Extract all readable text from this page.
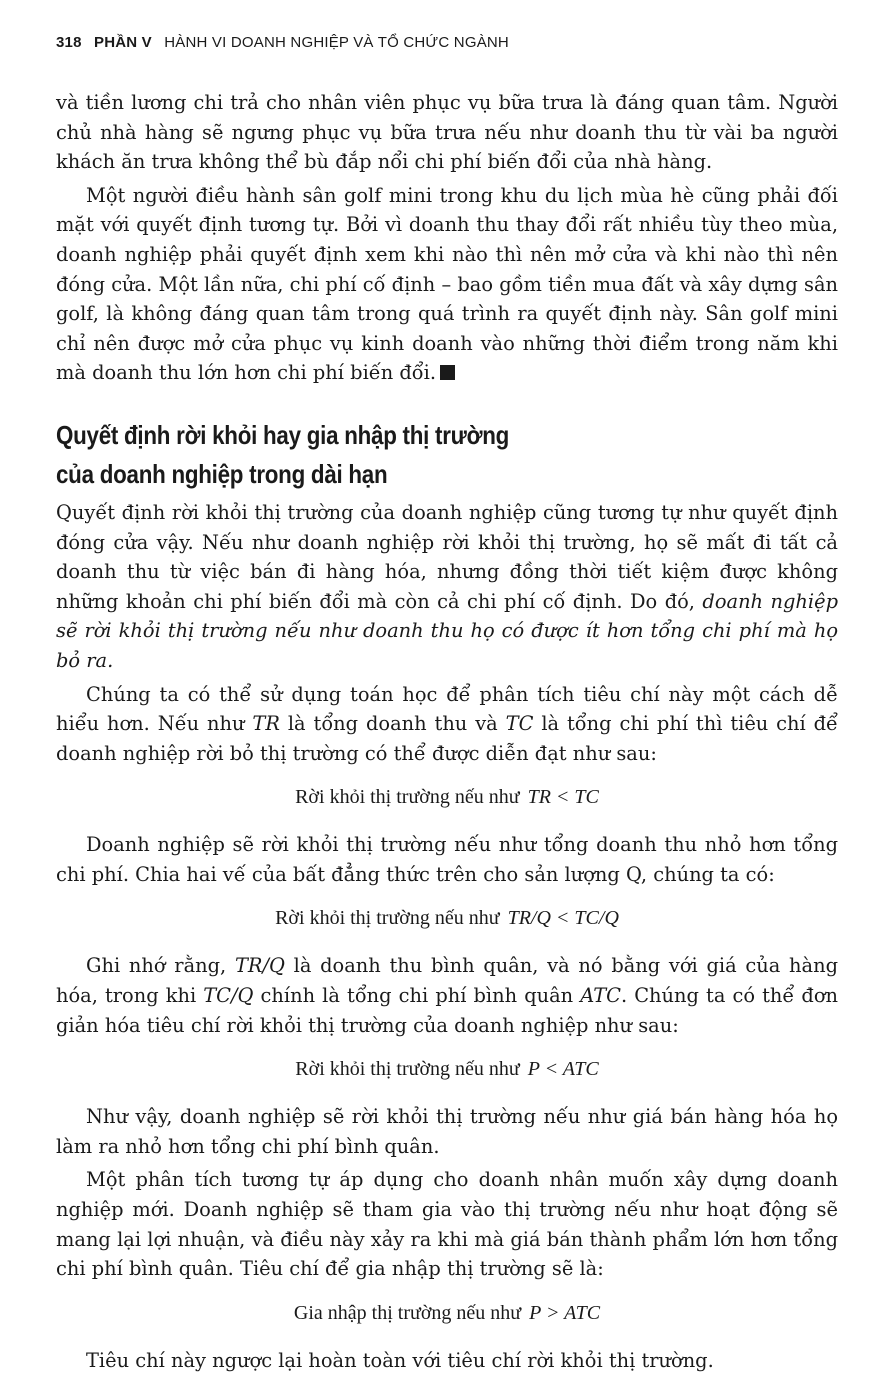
318 PHẦN V HÀNH VI DOANH NGHIỆP VÀ TỔ CHỨC NGÀNH

và tiền lương chi trả cho nhân viên phục vụ bữa trưa là đáng quan tâm. Người chủ nhà hàng sẽ ngưng phục vụ bữa trưa nếu như doanh thu từ vài ba người khách ăn trưa không thể bù đắp nổi chi phí biến đổi của nhà hàng.

Một người điều hành sân golf mini trong khu du lịch mùa hè cũng phải đối mặt với quyết định tương tự. Bởi vì doanh thu thay đổi rất nhiều tùy theo mùa, doanh nghiệp phải quyết định xem khi nào thì nên mở cửa và khi nào thì nên đóng cửa. Một lần nữa, chi phí cố định – bao gồm tiền mua đất và xây dựng sân golf, là không đáng quan tâm trong quá trình ra quyết định này. Sân golf mini chỉ nên được mở cửa phục vụ kinh doanh vào những thời điểm trong năm khi mà doanh thu lớn hơn chi phí biến đổi.

Quyết định rời khỏi hay gia nhập thị trường
của doanh nghiệp trong dài hạn

Quyết định rời khỏi thị trường của doanh nghiệp cũng tương tự như quyết định đóng cửa vậy. Nếu như doanh nghiệp rời khỏi thị trường, họ sẽ mất đi tất cả doanh thu từ việc bán đi hàng hóa, nhưng đồng thời tiết kiệm được không những khoản chi phí biến đổi mà còn cả chi phí cố định. Do đó, doanh nghiệp sẽ rời khỏi thị trường nếu như doanh thu họ có được ít hơn tổng chi phí mà họ bỏ ra.

Chúng ta có thể sử dụng toán học để phân tích tiêu chí này một cách dễ hiểu hơn. Nếu như TR là tổng doanh thu và TC là tổng chi phí thì tiêu chí để doanh nghiệp rời bỏ thị trường có thể được diễn đạt như sau:

Rời khỏi thị trường nếu như TR < TC

Doanh nghiệp sẽ rời khỏi thị trường nếu như tổng doanh thu nhỏ hơn tổng chi phí. Chia hai vế của bất đẳng thức trên cho sản lượng Q, chúng ta có:

Rời khỏi thị trường nếu như TR/Q < TC/Q

Ghi nhớ rằng, TR/Q là doanh thu bình quân, và nó bằng với giá của hàng hóa, trong khi TC/Q chính là tổng chi phí bình quân ATC. Chúng ta có thể đơn giản hóa tiêu chí rời khỏi thị trường của doanh nghiệp như sau:

Rời khỏi thị trường nếu như P < ATC

Như vậy, doanh nghiệp sẽ rời khỏi thị trường nếu như giá bán hàng hóa họ làm ra nhỏ hơn tổng chi phí bình quân.

Một phân tích tương tự áp dụng cho doanh nhân muốn xây dựng doanh nghiệp mới. Doanh nghiệp sẽ tham gia vào thị trường nếu như hoạt động sẽ mang lại lợi nhuận, và điều này xảy ra khi mà giá bán thành phẩm lớn hơn tổng chi phí bình quân. Tiêu chí để gia nhập thị trường sẽ là:

Gia nhập thị trường nếu như P > ATC

Tiêu chí này ngược lại hoàn toàn với tiêu chí rời khỏi thị trường.
